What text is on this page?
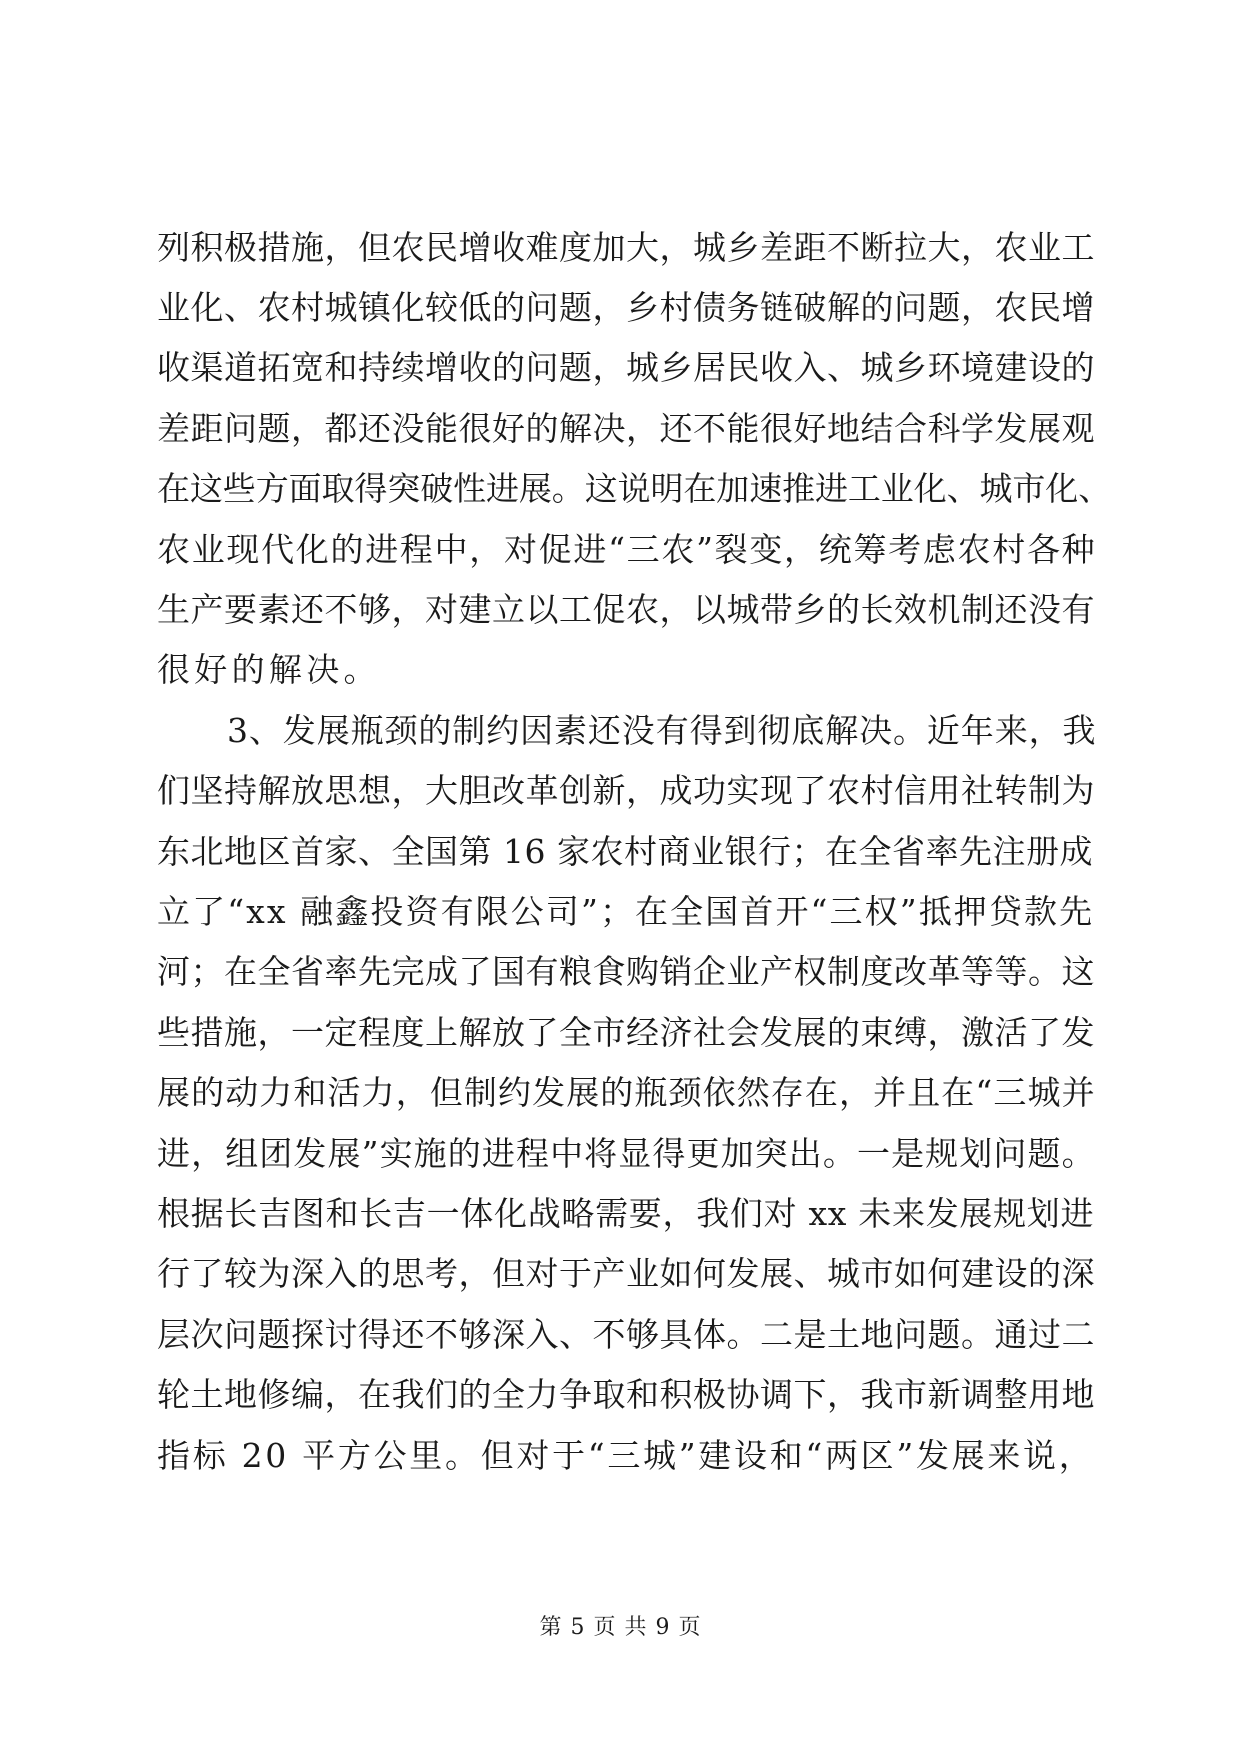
列积极措施，但农民增收难度加大，城乡差距不断拉大，农业工
业化、农村城镇化较低的问题，乡村债务链破解的问题，农民增
收渠道拓宽和持续增收的问题，城乡居民收入、城乡环境建设的
差距问题，都还没能很好的解决，还不能很好地结合科学发展观
在这些方面取得突破性进展。这说明在加速推进工业化、城市化、
农业现代化的进程中，对促进“三农”裂变，统筹考虑农村各种
生产要素还不够，对建立以工促农，以城带乡的长效机制还没有
很好的解决。
3、发展瓶颈的制约因素还没有得到彻底解决。近年来，我
们坚持解放思想，大胆改革创新，成功实现了农村信用社转制为
东北地区首家、全国第 16 家农村商业银行；在全省率先注册成
立了“xx 融鑫投资有限公司”；在全国首开“三权”抵押贷款先
河；在全省率先完成了国有粮食购销企业产权制度改革等等。这
些措施，一定程度上解放了全市经济社会发展的束缚，激活了发
展的动力和活力，但制约发展的瓶颈依然存在，并且在“三城并
进，组团发展”实施的进程中将显得更加突出。一是规划问题。
根据长吉图和长吉一体化战略需要，我们对 xx 未来发展规划进
行了较为深入的思考，但对于产业如何发展、城市如何建设的深
层次问题探讨得还不够深入、不够具体。二是土地问题。通过二
轮土地修编，在我们的全力争取和积极协调下，我市新调整用地
指标 20 平方公里。但对于“三城”建设和“两区”发展来说，
第 5 页 共 9 页
